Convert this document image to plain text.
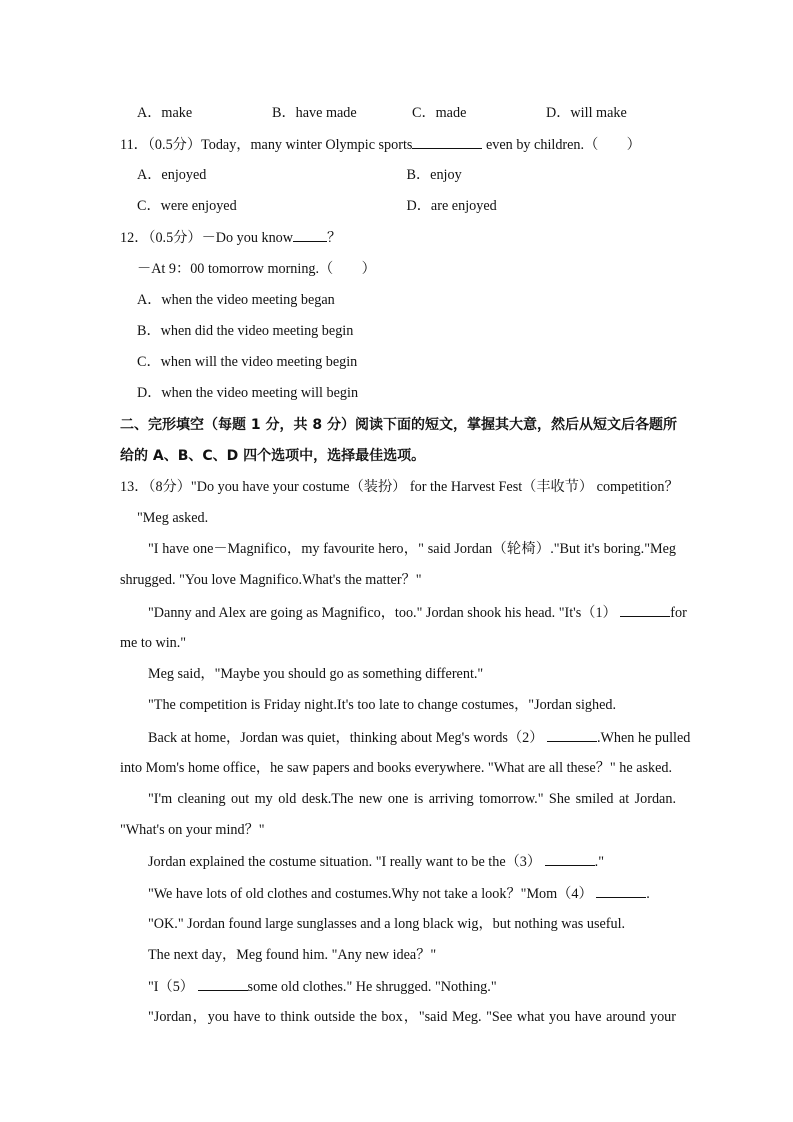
A．make	B．have made	C．made	D．will make
11．（0.5分）Today，many winter Olympic sports	even by children.（　　）
A．enjoyed	B．enjoy
C．were enjoyed	D．are enjoyed
12．（0.5分）－Do you know ？
－At 9：00 tomorrow morning.（　　）
A．when the video meeting began
B．when did the video meeting begin
C．when will the video meeting begin
D．when the video meeting will begin
二、完形填空（每题 1 分，共 8 分）阅读下面的短文，掌握其大意，然后从短文后各题所
给的 A、B、C、D 四个选项中，选择最佳选项。
13．（8分）"Do you have your costume（装扮） for the Harvest Fest（丰收节） competition？
"Meg asked.
"I have one－Magnifico，my favourite hero，" said Jordan（轮椅）."But it's boring."Meg
shrugged. "You love Magnifico.What's the matter？"
"Danny and Alex are going as Magnifico，too." Jordan shook his head. "It's（1）	for
me to win."
Meg said，"Maybe you should go as something different."
"The competition is Friday night.It's too late to change costumes，"Jordan sighed.
Back at home，Jordan was quiet，thinking about Meg's words（2）	.When he pulled
into Mom's home office，he saw papers and books everywhere. "What are all these？" he asked.
"I'm cleaning out my old desk.The new one is arriving tomorrow." She smiled at Jordan.
"What's on your mind？"
Jordan explained the costume situation. "I really want to be the（3）	."
"We have lots of old clothes and costumes.Why not take a look？"Mom（4）	.
"OK." Jordan found large sunglasses and a long black wig，but nothing was useful.
The next day，Meg found him. "Any new idea？"
"I（5）	some old clothes." He shrugged. "Nothing."
"Jordan，you have to think outside the box，"said Meg. "See what you have around your
